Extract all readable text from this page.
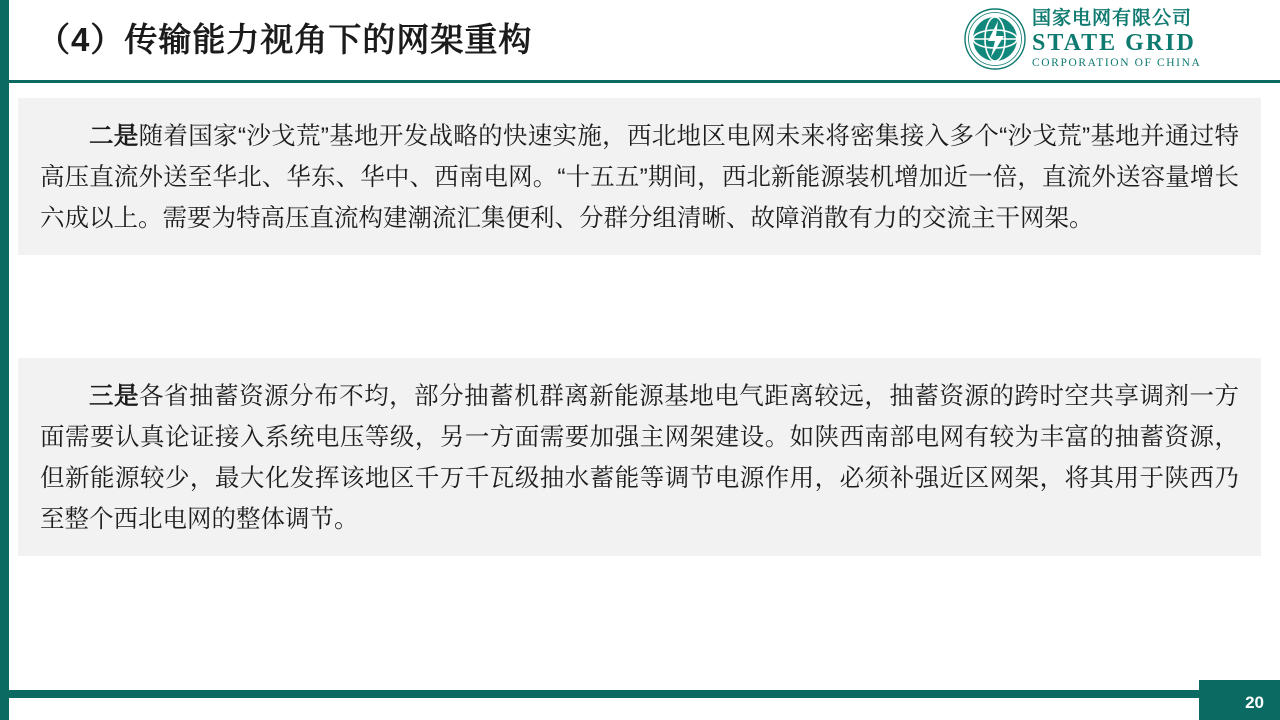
（4）传输能力视角下的网架重构
国家电网有限公司
STATE GRID
CORPORATION OF CHINA

二是随着国家“沙戈荒”基地开发战略的快速实施，西北地区电网未来将密集接入多个“沙戈荒”基地并通过特高压直流外送至华北、华东、华中、西南电网。“十五五”期间，西北新能源装机增加近一倍，直流外送容量增长六成以上。需要为特高压直流构建潮流汇集便利、分群分组清晰、故障消散有力的交流主干网架。

三是各省抽蓄资源分布不均，部分抽蓄机群离新能源基地电气距离较远，抽蓄资源的跨时空共享调剂一方面需要认真论证接入系统电压等级，另一方面需要加强主网架建设。如陕西南部电网有较为丰富的抽蓄资源，但新能源较少，最大化发挥该地区千万千瓦级抽水蓄能等调节电源作用，必须补强近区网架，将其用于陕西乃至整个西北电网的整体调节。

20
